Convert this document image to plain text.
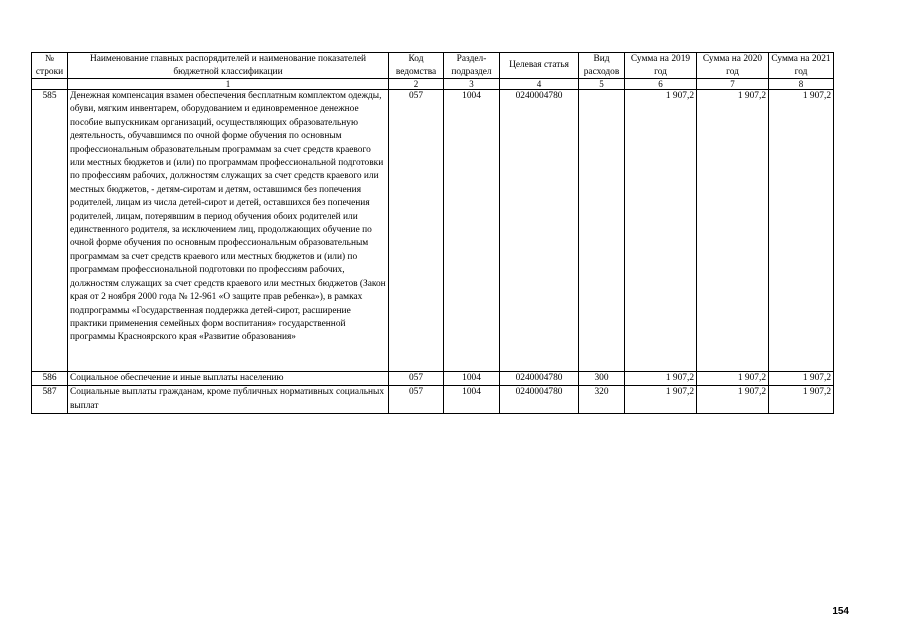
№ строки	Наименование главных распорядителей и наименование показателей бюджетной классификации	Код ведомства	Раздел-подраздел	Целевая статья	Вид расходов	Сумма на 2019 год	Сумма на 2020 год	Сумма на 2021 год
	1	2	3	4	5	6	7	8
585	Денежная компенсация взамен обеспечения бесплатным комплектом одежды, обуви, мягким инвентарем, оборудованием и единовременное денежное пособие выпускникам организаций, осуществляющих образовательную деятельность, обучавшимся по очной форме обучения по основным профессиональным образовательным программам за счет средств краевого или местных бюджетов и (или) по программам профессиональной подготовки по профессиям рабочих, должностям служащих за счет средств краевого или местных бюджетов, - детям-сиротам и детям, оставшимся без попечения родителей, лицам из числа детей-сирот и детей, оставшихся без попечения родителей, лицам, потерявшим в период обучения обоих родителей или единственного родителя, за исключением лиц, продолжающих обучение по очной форме обучения по основным профессиональным образовательным программам за счет средств краевого или местных бюджетов и (или) по программам профессиональной подготовки по профессиям рабочих, должностям служащих за счет средств краевого или местных бюджетов (Закон края от 2 ноября 2000 года № 12-961 «О защите прав ребенка»), в рамках подпрограммы «Государственная поддержка детей-сирот, расширение практики применения семейных форм воспитания» государственной программы Красноярского края «Развитие образования»	057	1004	0240004780		1 907,2	1 907,2	1 907,2
586	Социальное обеспечение и иные выплаты населению	057	1004	0240004780	300	1 907,2	1 907,2	1 907,2
587	Социальные выплаты гражданам, кроме публичных нормативных социальных выплат	057	1004	0240004780	320	1 907,2	1 907,2	1 907,2
154
